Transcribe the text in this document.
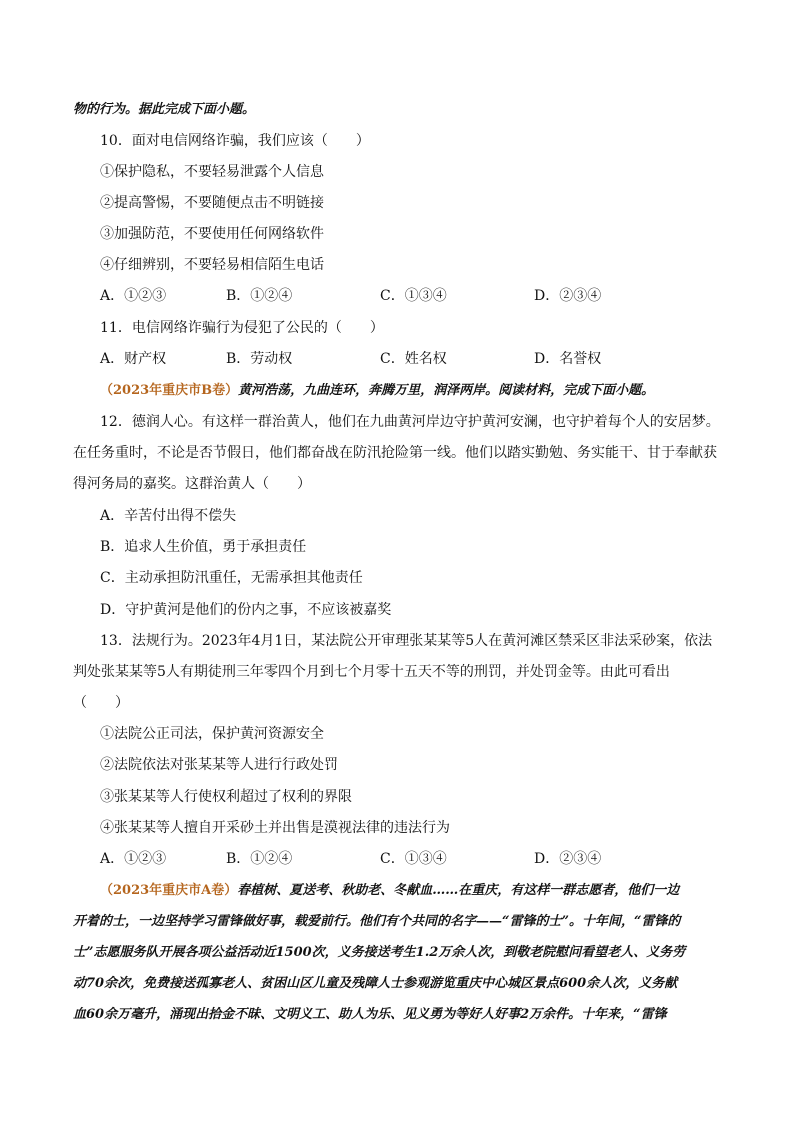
物的行为。据此完成下面小题。
10．面对电信网络诈骗，我们应该（　　）
①保护隐私，不要轻易泄露个人信息
②提高警惕，不要随便点击不明链接
③加强防范，不要使用任何网络软件
④仔细辨别，不要轻易相信陌生电话
A．①②③	B．①②④	C．①③④	D．②③④
11．电信网络诈骗行为侵犯了公民的（　　）
A．财产权	B．劳动权	C．姓名权	D．名誉权
（2023年重庆市B卷）黄河浩荡，九曲连环，奔腾万里，润泽两岸。阅读材料，完成下面小题。
12．德润人心。有这样一群治黄人，他们在九曲黄河岸边守护黄河安澜，也守护着每个人的安居梦。
在任务重时，不论是否节假日，他们都奋战在防汛抢险第一线。他们以踏实勤勉、务实能干、甘于奉献获
得河务局的嘉奖。这群治黄人（　　）
A．辛苦付出得不偿失
B．追求人生价值，勇于承担责任
C．主动承担防汛重任，无需承担其他责任
D．守护黄河是他们的份内之事，不应该被嘉奖
13．法规行为。2023年4月1日，某法院公开审理张某某等5人在黄河滩区禁采区非法采砂案，依法
判处张某某等5人有期徒刑三年零四个月到七个月零十五天不等的刑罚，并处罚金等。由此可看出
（　　）
①法院公正司法，保护黄河资源安全
②法院依法对张某某等人进行行政处罚
③张某某等人行使权利超过了权利的界限
④张某某等人擅自开采砂土并出售是漠视法律的违法行为
A．①②③	B．①②④	C．①③④	D．②③④
（2023年重庆市A卷）春植树、夏送考、秋助老、冬献血……在重庆，有这样一群志愿者，他们一边
开着的士，一边坚持学习雷锋做好事，载爱前行。他们有个共同的名字——“雷锋的士”。十年间，“雷锋的
士”志愿服务队开展各项公益活动近1500次，义务接送考生1.2万余人次，到敬老院慰问看望老人、义务劳
动70余次，免费接送孤寡老人、贫困山区儿童及残障人士参观游览重庆中心城区景点600余人次，义务献
血60余万毫升，涌现出拾金不昧、文明义工、助人为乐、见义勇为等好人好事2万余件。十年来，“雷锋
